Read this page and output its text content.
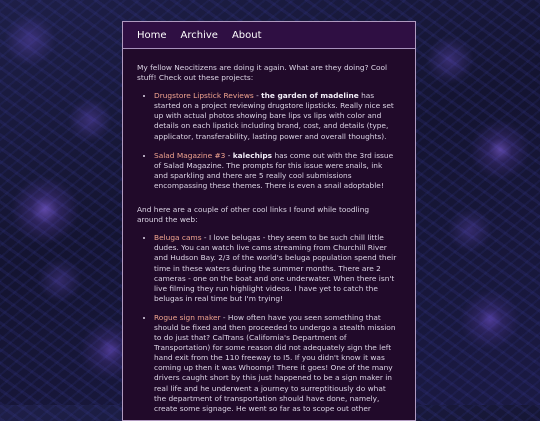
Home Archive About

My fellow Neocitizens are doing it again. What are they doing? Cool stuff! Check out these projects:

• Drugstore Lipstick Reviews - the garden of madeline has started on a project reviewing drugstore lipsticks. Really nice set up with actual photos showing bare lips vs lips with color and details on each lipstick including brand, cost, and details (type, applicator, transferability, lasting power and overall thoughts).
• Salad Magazine #3 - kalechips has come out with the 3rd issue of Salad Magazine. The prompts for this issue were snails, ink and sparkling and there are 5 really cool submissions encompassing these themes. There is even a snail adoptable!

And here are a couple of other cool links I found while toodling around the web:

• Beluga cams - I love belugas - they seem to be such chill little dudes. You can watch live cams streaming from Churchill River and Hudson Bay. 2/3 of the world's beluga population spend their time in these waters during the summer months. There are 2 cameras - one on the boat and one underwater. When there isn't live filming they run highlight videos. I have yet to catch the belugas in real time but I'm trying!
• Rogue sign maker - How often have you seen something that should be fixed and then proceeded to undergo a stealth mission to do just that? CalTrans (California's Department of Transportation) for some reason did not adequately sign the left hand exit from the 110 freeway to I5. If you didn't know it was coming up then it was Whoomp! There it goes! One of the many drivers caught short by this just happened to be a sign maker in real life and he underwent a journey to surreptitiously do what the department of transportation should have done, namely, create some signage. He went so far as to scope out other
